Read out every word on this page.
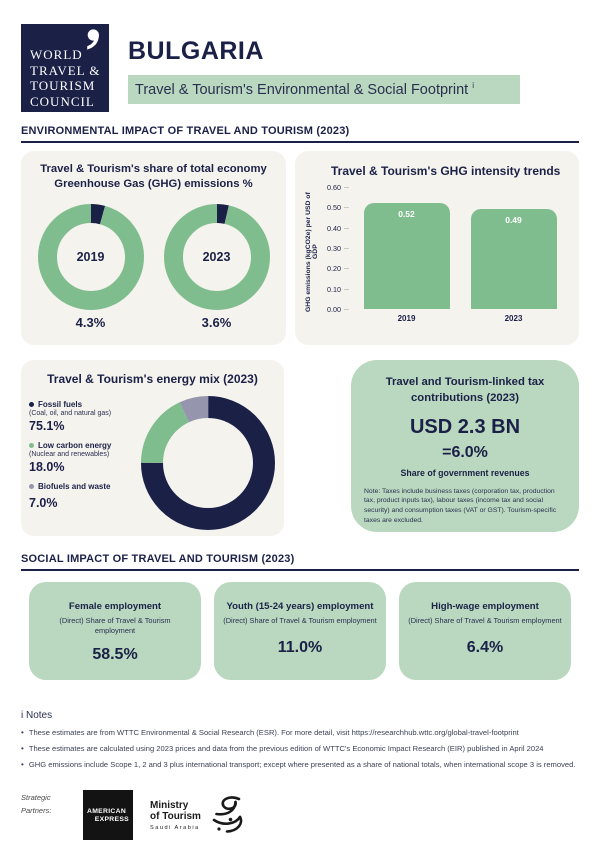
WORLD
TRAVEL &
TOURISM
COUNCIL
BULGARIA
Travel & Tourism's Environmental & Social Footprint $^i$
ENVIRONMENTAL IMPACT OF TRAVEL AND TOURISM (2023)
Travel & Tourism's share of total economy
Greenhouse Gas (GHG) emissions %
2019
4.3%
2023
3.6%
Travel & Tourism's GHG intensity trends
GHG emissions (kgCO2e) per USD of GDP
0.60
0.50
0.40
0.30
0.20
0.10
0.00
0.52
0.49
2019	2023
Travel & Tourism's energy mix (2023)
Fossil fuels
(Coal, oil, and natural gas)
75.1%
Low carbon energy
(Nuclear and renewables)
18.0%
Biofuels and waste
7.0%
Travel and Tourism-linked tax
contributions (2023)
USD 2.3 BN
=6.0%
Share of government revenues
Note: Taxes include business taxes (corporation tax, production tax, product inputs tax), labour taxes (income tax and social security) and consumption taxes (VAT or GST). Tourism-specific taxes are excluded.
SOCIAL IMPACT OF TRAVEL AND TOURISM (2023)
Female employment
(Direct) Share of Travel & Tourism employment
58.5%
Youth (15-24 years) employment
(Direct) Share of Travel & Tourism employment
11.0%
High-wage employment
(Direct) Share of Travel & Tourism employment
6.4%
i Notes
• These estimates are from WTTC Environmental & Social Research (ESR). For more detail, visit https://researchhub.wttc.org/global-travel-footprint
• These estimates are calculated using 2023 prices and data from the previous edition of WTTC's Economic Impact Research (EIR) published in April 2024
• GHG emissions include Scope 1, 2 and 3 plus international transport; except where presented as a share of national totals, when international scope 3 is removed.
Strategic Partners:	AMERICAN
EXPRESS
Ministry
of Tourism
Saudi Arabia
